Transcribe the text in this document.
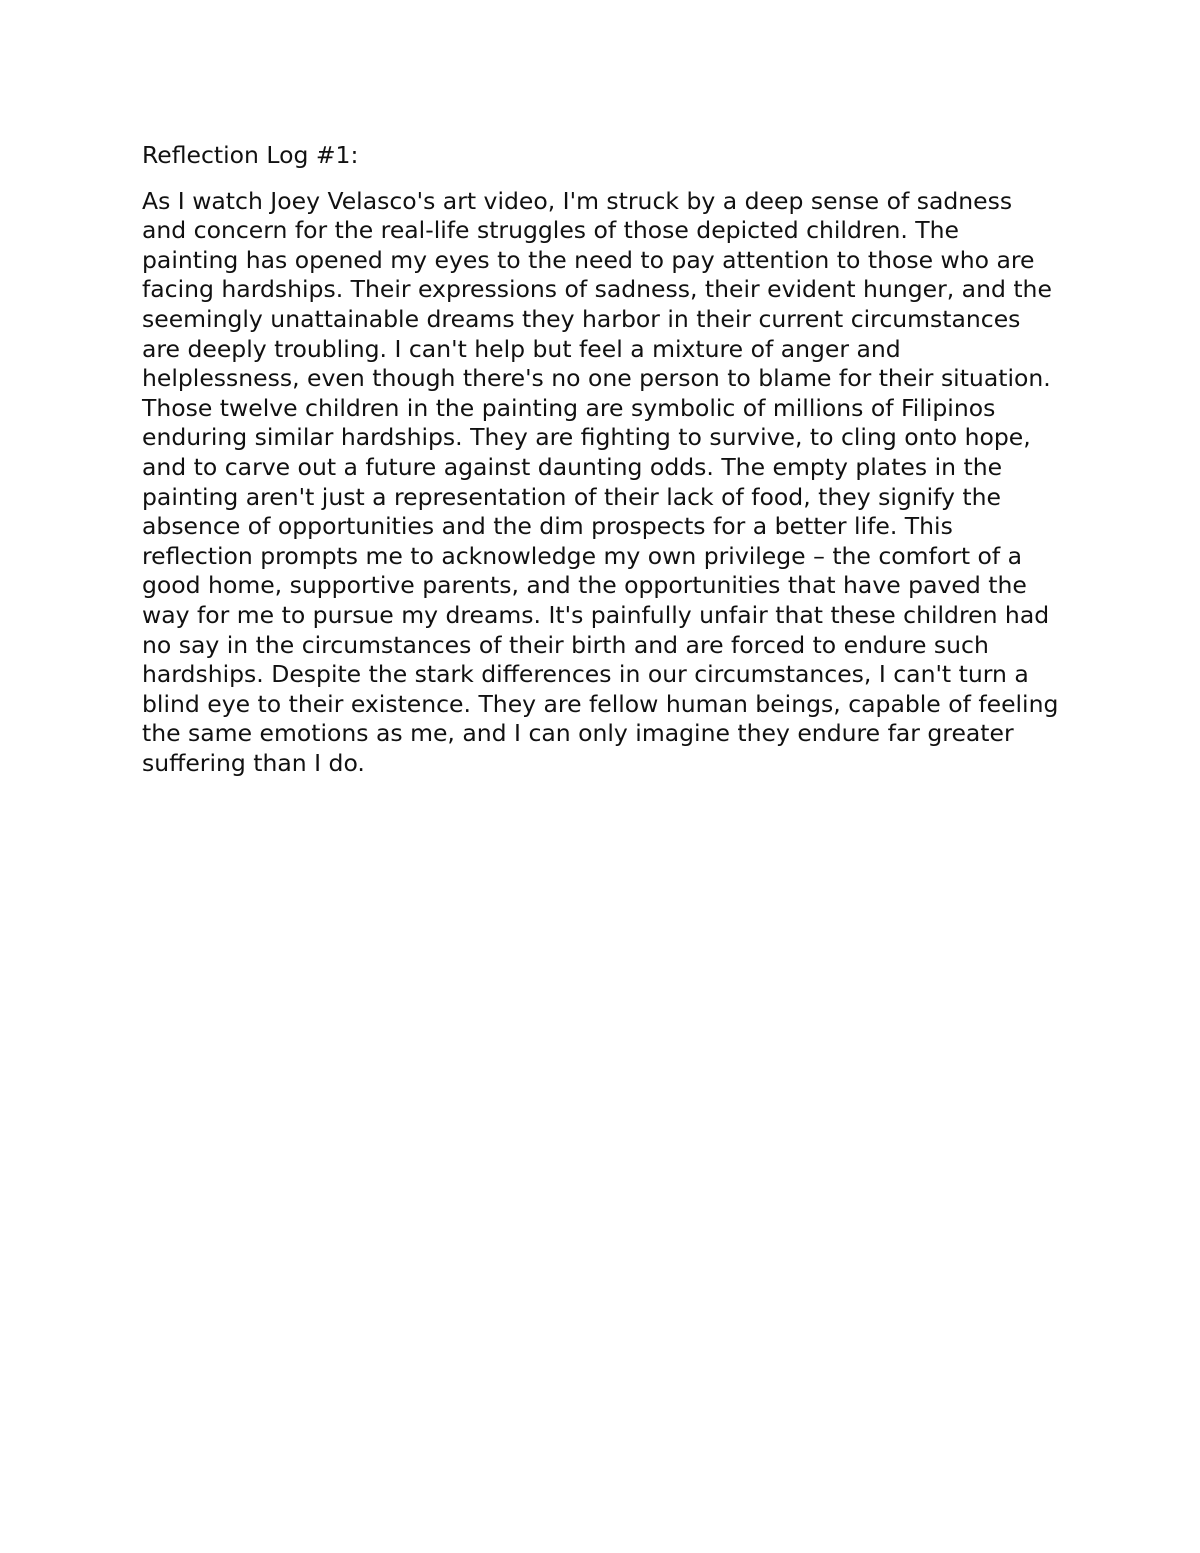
Reflection Log #1:

As I watch Joey Velasco's art video, I'm struck by a deep sense of sadness
and concern for the real-life struggles of those depicted children. The
painting has opened my eyes to the need to pay attention to those who are
facing hardships. Their expressions of sadness, their evident hunger, and the
seemingly unattainable dreams they harbor in their current circumstances
are deeply troubling. I can't help but feel a mixture of anger and
helplessness, even though there's no one person to blame for their situation.
Those twelve children in the painting are symbolic of millions of Filipinos
enduring similar hardships. They are fighting to survive, to cling onto hope,
and to carve out a future against daunting odds. The empty plates in the
painting aren't just a representation of their lack of food, they signify the
absence of opportunities and the dim prospects for a better life. This
reflection prompts me to acknowledge my own privilege – the comfort of a
good home, supportive parents, and the opportunities that have paved the
way for me to pursue my dreams. It's painfully unfair that these children had
no say in the circumstances of their birth and are forced to endure such
hardships. Despite the stark differences in our circumstances, I can't turn a
blind eye to their existence. They are fellow human beings, capable of feeling
the same emotions as me, and I can only imagine they endure far greater
suffering than I do.
